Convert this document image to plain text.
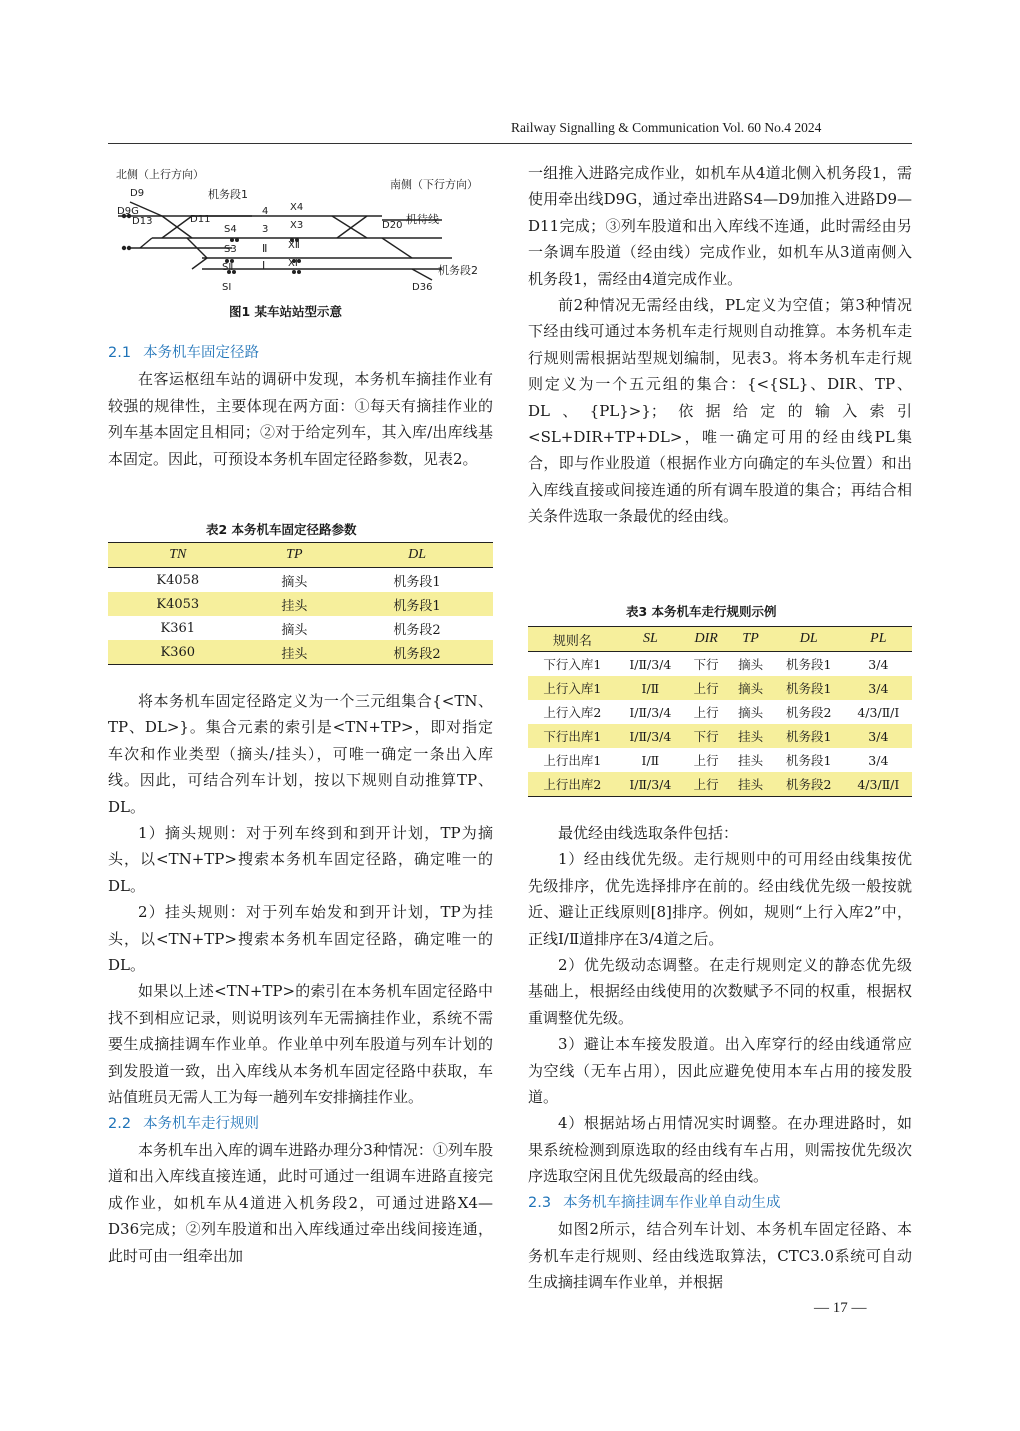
Railway Signalling & Communication Vol. 60 No.4 2024
北侧（上行方向）
南侧（下行方向）
D9
D9G
D13	D11
机务段1
4
3
Ⅱ
Ⅰ
X4
X3
XⅡ
XⅠ
S4
S3
SⅡ
SⅠ
D20 机待线
机务段2
D36
图1 某车站站型示意
2.1 本务机车固定径路

在客运枢纽车站的调研中发现，本务机车摘挂作业有较强的规律性，主要体现在两方面：①每天有摘挂作业的列车基本固定且相同；②对于给定列车，其入库/出库线基本固定。因此，可预设本务机车固定径路参数，见表2。

表2 本务机车固定径路参数
TN	TP	DL
K4058	摘头	机务段1
K4053	挂头	机务段1
K361	摘头	机务段2
K360	挂头	机务段2

将本务机车固定径路定义为一个三元组集合{<TN、TP、DL>}。集合元素的索引是<TN+TP>，即对指定车次和作业类型（摘头/挂头），可唯一确定一条出入库线。因此，可结合列车计划，按以下规则自动推算TP、DL。

1）摘头规则：对于列车终到和到开计划，TP为摘头，以<TN+TP>搜索本务机车固定径路，确定唯一的DL。

2）挂头规则：对于列车始发和到开计划，TP为挂头，以<TN+TP>搜索本务机车固定径路，确定唯一的DL。

如果以上述<TN+TP>的索引在本务机车固定径路中找不到相应记录，则说明该列车无需摘挂作业，系统不需要生成摘挂调车作业单。作业单中列车股道与列车计划的到发股道一致，出入库线从本务机车固定径路中获取，车站值班员无需人工为每一趟列车安排摘挂作业。

2.2 本务机车走行规则

本务机车出入库的调车进路办理分3种情况：①列车股道和出入库线直接连通，此时可通过一组调车进路直接完成作业，如机车从4道进入机务段2，可通过进路X4—D36完成；②列车股道和出入库线通过牵出线间接连通，此时可由一组牵出加

一组推入进路完成作业，如机车从4道北侧入机务段1，需使用牵出线D9G，通过牵出进路S4—D9加推入进路D9—D11完成；③列车股道和出入库线不连通，此时需经由另一条调车股道（经由线）完成作业，如机车从3道南侧入机务段1，需经由4道完成作业。

前2种情况无需经由线，PL定义为空值；第3种情况下经由线可通过本务机车走行规则自动推算。本务机车走行规则需根据站型规划编制，见表3。将本务机车走行规则定义为一个五元组的集合：{<{SL}、DIR、TP、DL、{PL}>}；依据给定的输入索引<SL+DIR+TP+DL>，唯一确定可用的经由线PL集合，即与作业股道（根据作业方向确定的车头位置）和出入库线直接或间接连通的所有调车股道的集合；再结合相关条件选取一条最优的经由线。

表3 本务机车走行规则示例
规则名	SL	DIR	TP	DL	PL
下行入库1	Ⅰ/Ⅱ/3/4	下行	摘头	机务段1	3/4
上行入库1	Ⅰ/Ⅱ	上行	摘头	机务段1	3/4
上行入库2	Ⅰ/Ⅱ/3/4	上行	摘头	机务段2	4/3/Ⅱ/Ⅰ
下行出库1	Ⅰ/Ⅱ/3/4	下行	挂头	机务段1	3/4
上行出库1	Ⅰ/Ⅱ	上行	挂头	机务段1	3/4
上行出库2	Ⅰ/Ⅱ/3/4	上行	挂头	机务段2	4/3/Ⅱ/Ⅰ

最优经由线选取条件包括：

1）经由线优先级。走行规则中的可用经由线集按优先级排序，优先选择排序在前的。经由线优先级一般按就近、避让正线原则[8]排序。例如，规则“上行入库2”中，正线Ⅰ/Ⅱ道排序在3/4道之后。

2）优先级动态调整。在走行规则定义的静态优先级基础上，根据经由线使用的次数赋予不同的权重，根据权重调整优先级。

3）避让本车接发股道。出入库穿行的经由线通常应为空线（无车占用），因此应避免使用本车占用的接发股道。

4）根据站场占用情况实时调整。在办理进路时，如果系统检测到原选取的经由线有车占用，则需按优先级次序选取空闲且优先级最高的经由线。

2.3 本务机车摘挂调车作业单自动生成

如图2所示，结合列车计划、本务机车固定径路、本务机车走行规则、经由线选取算法，CTC3.0系统可自动生成摘挂调车作业单，并根据

— 17 —
